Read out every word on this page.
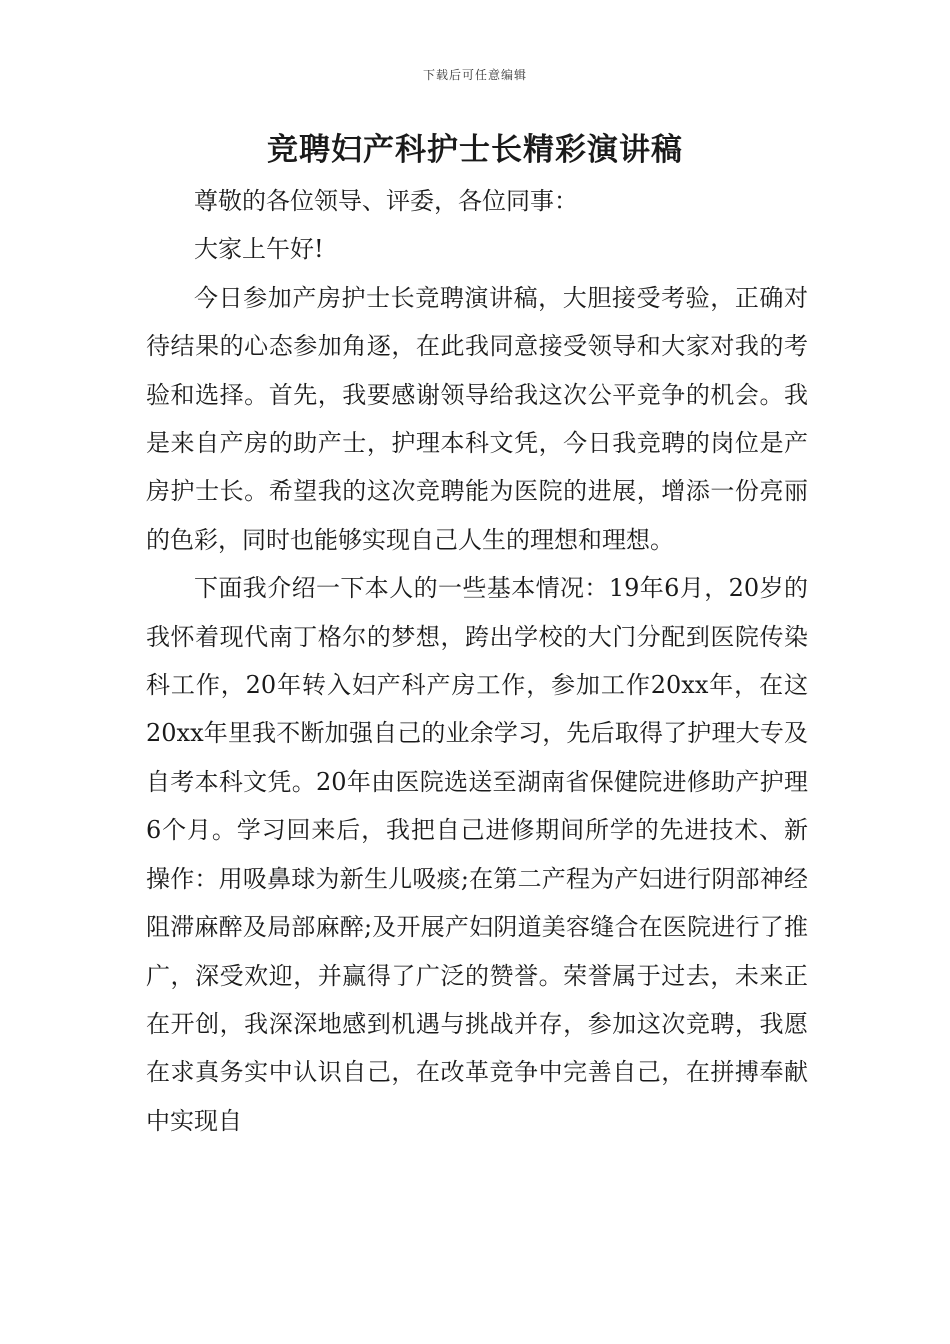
下载后可任意编辑
竞聘妇产科护士长精彩演讲稿

尊敬的各位领导、评委，各位同事：

大家上午好!

今日参加产房护士长竞聘演讲稿，大胆接受考验，正确对待结果的心态参加角逐，在此我同意接受领导和大家对我的考验和选择。首先，我要感谢领导给我这次公平竞争的机会。我是来自产房的助产士，护理本科文凭，今日我竞聘的岗位是产房护士长。希望我的这次竞聘能为医院的进展，增添一份亮丽的色彩，同时也能够实现自己人生的理想和理想。

下面我介绍一下本人的一些基本情况：19年6月，20岁的我怀着现代南丁格尔的梦想，跨出学校的大门分配到医院传染科工作，20年转入妇产科产房工作，参加工作20xx年，在这20xx年里我不断加强自己的业余学习，先后取得了护理大专及自考本科文凭。20年由医院选送至湖南省保健院进修助产护理6个月。学习回来后，我把自己进修期间所学的先进技术、新操作：用吸鼻球为新生儿吸痰;在第二产程为产妇进行阴部神经阻滞麻醉及局部麻醉;及开展产妇阴道美容缝合在医院进行了推广，深受欢迎，并赢得了广泛的赞誉。荣誉属于过去，未来正在开创，我深深地感到机遇与挑战并存，参加这次竞聘，我愿在求真务实中认识自己，在改革竞争中完善自己，在拼搏奉献中实现自
